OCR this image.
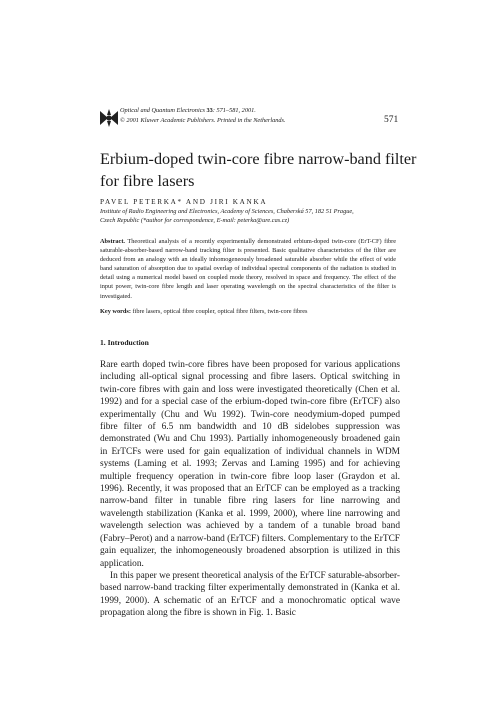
Optical and Quantum Electronics 33: 571–581, 2001.
© 2001 Kluwer Academic Publishers. Printed in the Netherlands.	571
Erbium-doped twin-core fibre narrow-band filter
for fibre lasers
PAVEL PETERKA* AND JIRI KANKA
Institute of Radio Engineering and Electronics, Academy of Sciences, Chaberská 57, 182 51 Prague,
Czech Republic (*author for correspondence, E-mail: peterka@ure.cas.cz)
Abstract. Theoretical analysis of a recently experimentally demonstrated erbium-doped twin-core (ErT-CF) fibre saturable-absorber-based narrow-band tracking filter is presented. Basic qualitative characteristics of the filter are deduced from an analogy with an ideally inhomogeneously broadened saturable absorber while the effect of wide band saturation of absorption due to spatial overlap of individual spectral components of the radiation is studied in detail using a numerical model based on coupled mode theory, resolved in space and frequency. The effect of the input power, twin-core fibre length and laser operating wavelength on the spectral characteristics of the filter is investigated.
Key words: fibre lasers, optical fibre coupler, optical fibre filters, twin-core fibres
1. Introduction

Rare earth doped twin-core fibres have been proposed for various applications including all-optical signal processing and fibre lasers. Optical switching in twin-core fibres with gain and loss were investigated theoretically (Chen et al. 1992) and for a special case of the erbium-doped twin-core fibre (ErTCF) also experimentally (Chu and Wu 1992). Twin-core neodymium-doped pumped fibre filter of 6.5 nm bandwidth and 10 dB sidelobes suppression was demonstrated (Wu and Chu 1993). Partially inhomogeneously broadened gain in ErTCFs were used for gain equalization of individual channels in WDM systems (Laming et al. 1993; Zervas and Laming 1995) and for achieving multiple frequency operation in twin-core fibre loop laser (Graydon et al. 1996). Recently, it was proposed that an ErTCF can be employed as a tracking narrow-band filter in tunable fibre ring lasers for line narrowing and wavelength stabilization (Kanka et al. 1999, 2000), where line narrowing and wavelength selection was achieved by a tandem of a tunable broad band (Fabry–Perot) and a narrow-band (ErTCF) filters. Complementary to the ErTCF gain equalizer, the inhomogeneously broadened absorption is utilized in this application.

In this paper we present theoretical analysis of the ErTCF saturable-absorber-based narrow-band tracking filter experimentally demonstrated in (Kanka et al. 1999, 2000). A schematic of an ErTCF and a monochromatic optical wave propagation along the fibre is shown in Fig. 1. Basic
